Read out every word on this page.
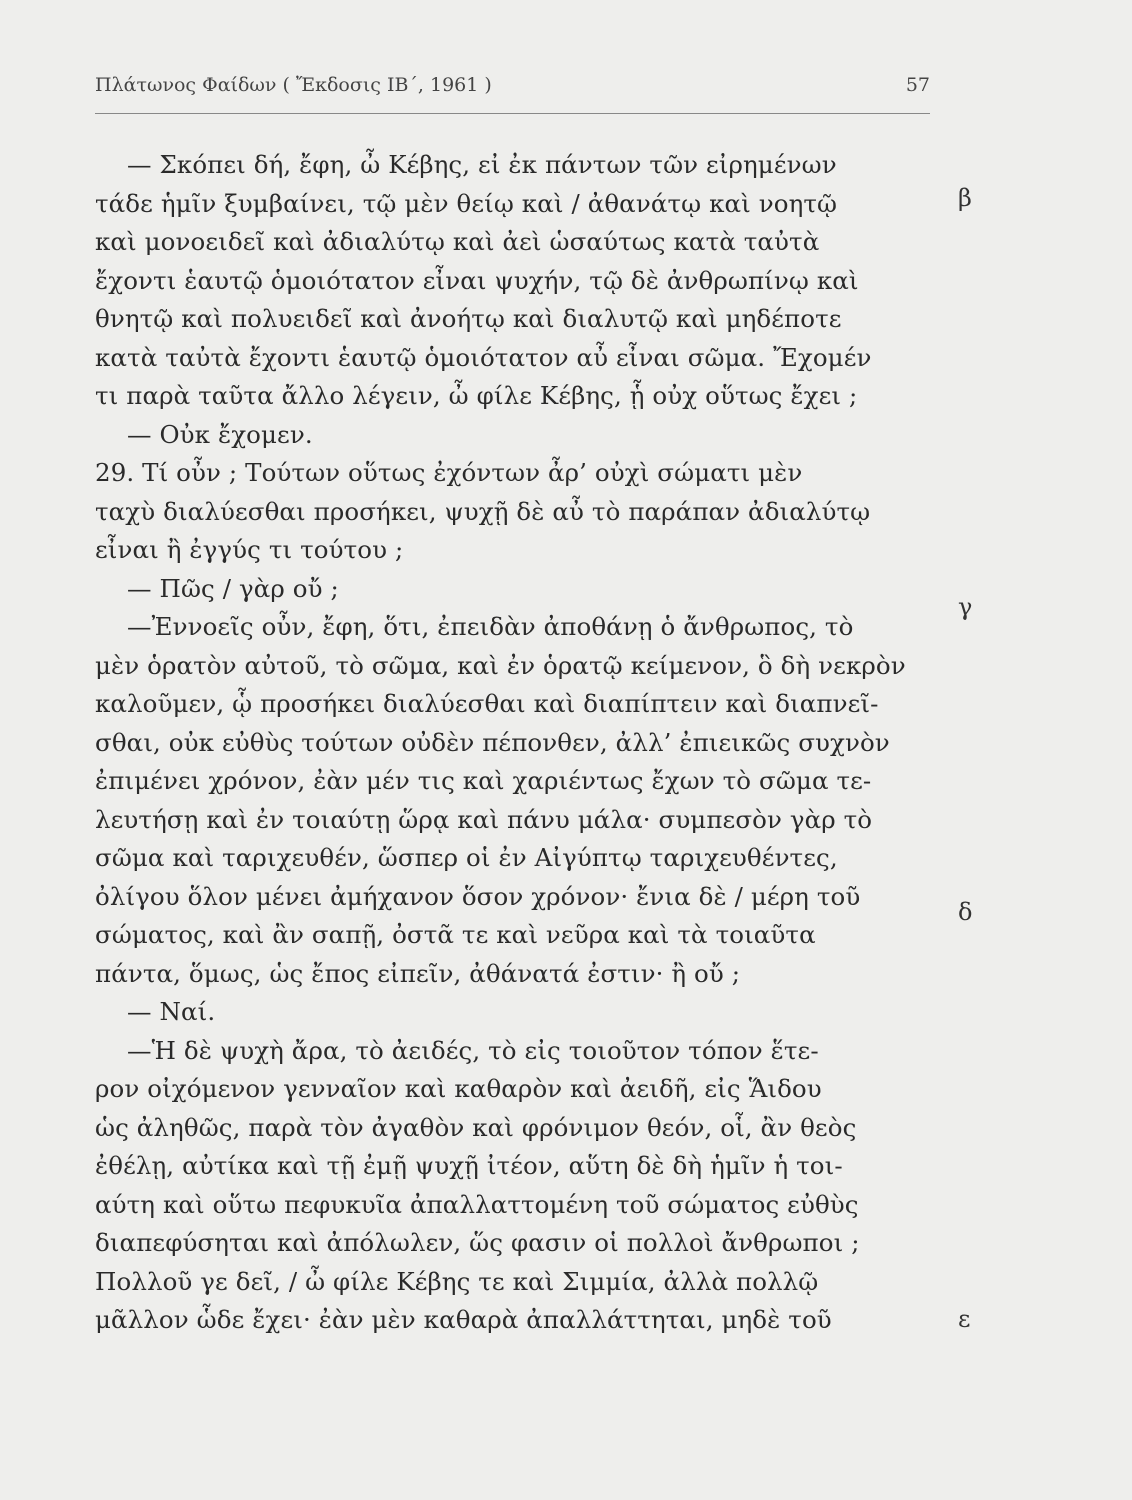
Πλάτωνος Φαίδων ( Ἔκδοσις ΙΒ΄, 1961 )	57
— Σκόπει δή, ἔφη, ὦ Κέβης, εἰ ἐκ πάντων τῶν εἰρημένων
τάδε ἡμῖν ξυμβαίνει, τῷ μὲν θείῳ καὶ / ἀθανάτῳ καὶ νοητῷ
καὶ μονοειδεῖ καὶ ἀδιαλύτῳ καὶ ἀεὶ ὡσαύτως κατὰ ταὐτὰ
ἔχοντι ἑαυτῷ ὁμοιότατον εἶναι ψυχήν, τῷ δὲ ἀνθρωπίνῳ καὶ
θνητῷ καὶ πολυειδεῖ καὶ ἀνοήτῳ καὶ διαλυτῷ καὶ μηδέποτε
κατὰ ταὐτὰ ἔχοντι ἑαυτῷ ὁμοιότατον αὖ εἶναι σῶμα. Ἔχομέν
τι παρὰ ταῦτα ἄλλο λέγειν, ὦ φίλε Κέβης, ᾗ οὐχ οὕτως ἔχει ;
— Οὐκ ἔχομεν.
29. Τί οὖν ; Τούτων οὕτως ἐχόντων ἆρ’ οὐχὶ σώματι μὲν
ταχὺ διαλύεσθαι προσήκει, ψυχῇ δὲ αὖ τὸ παράπαν ἀδιαλύτῳ
εἶναι ἢ ἐγγύς τι τούτου ;
— Πῶς / γὰρ οὔ ;
—Ἐννοεῖς οὖν, ἔφη, ὅτι, ἐπειδὰν ἀποθάνῃ ὁ ἄνθρωπος, τὸ
μὲν ὁρατὸν αὐτοῦ, τὸ σῶμα, καὶ ἐν ὁρατῷ κείμενον, ὃ δὴ νεκρὸν
καλοῦμεν, ᾧ προσήκει διαλύεσθαι καὶ διαπίπτειν καὶ διαπνεῖ-
σθαι, οὐκ εὐθὺς τούτων οὐδὲν πέπονθεν, ἀλλ’ ἐπιεικῶς συχνὸν
ἐπιμένει χρόνον, ἐὰν μέν τις καὶ χαριέντως ἔχων τὸ σῶμα τε-
λευτήσῃ καὶ ἐν τοιαύτῃ ὥρᾳ καὶ πάνυ μάλα· συμπεσὸν γὰρ τὸ
σῶμα καὶ ταριχευθέν, ὥσπερ οἱ ἐν Αἰγύπτῳ ταριχευθέντες,
ὀλίγου ὅλον μένει ἀμήχανον ὅσον χρόνον· ἔνια δὲ / μέρη τοῦ
σώματος, καὶ ἂν σαπῇ, ὀστᾶ τε καὶ νεῦρα καὶ τὰ τοιαῦτα
πάντα, ὅμως, ὡς ἔπος εἰπεῖν, ἀθάνατά ἐστιν· ἢ οὔ ;
— Ναί.
—Ἡ δὲ ψυχὴ ἄρα, τὸ ἀειδές, τὸ εἰς τοιοῦτον τόπον ἕτε-
ρον οἰχόμενον γενναῖον καὶ καθαρὸν καὶ ἀειδῆ, εἰς Ἅιδου
ὡς ἀληθῶς, παρὰ τὸν ἀγαθὸν καὶ φρόνιμον θεόν, οἷ, ἂν θεὸς
ἐθέλῃ, αὐτίκα καὶ τῇ ἐμῇ ψυχῇ ἰτέον, αὕτη δὲ δὴ ἡμῖν ἡ τοι-
αύτη καὶ οὕτω πεφυκυῖα ἀπαλλαττομένη τοῦ σώματος εὐθὺς
διαπεφύσηται καὶ ἀπόλωλεν, ὥς φασιν οἱ πολλοὶ ἄνθρωποι ;
Πολλοῦ γε δεῖ, / ὦ φίλε Κέβης τε καὶ Σιμμία, ἀλλὰ πολλῷ
μᾶλλον ὧδε ἔχει· ἐὰν μὲν καθαρὰ ἀπαλλάττηται, μηδὲ τοῦ
β
γ
δ
ε
